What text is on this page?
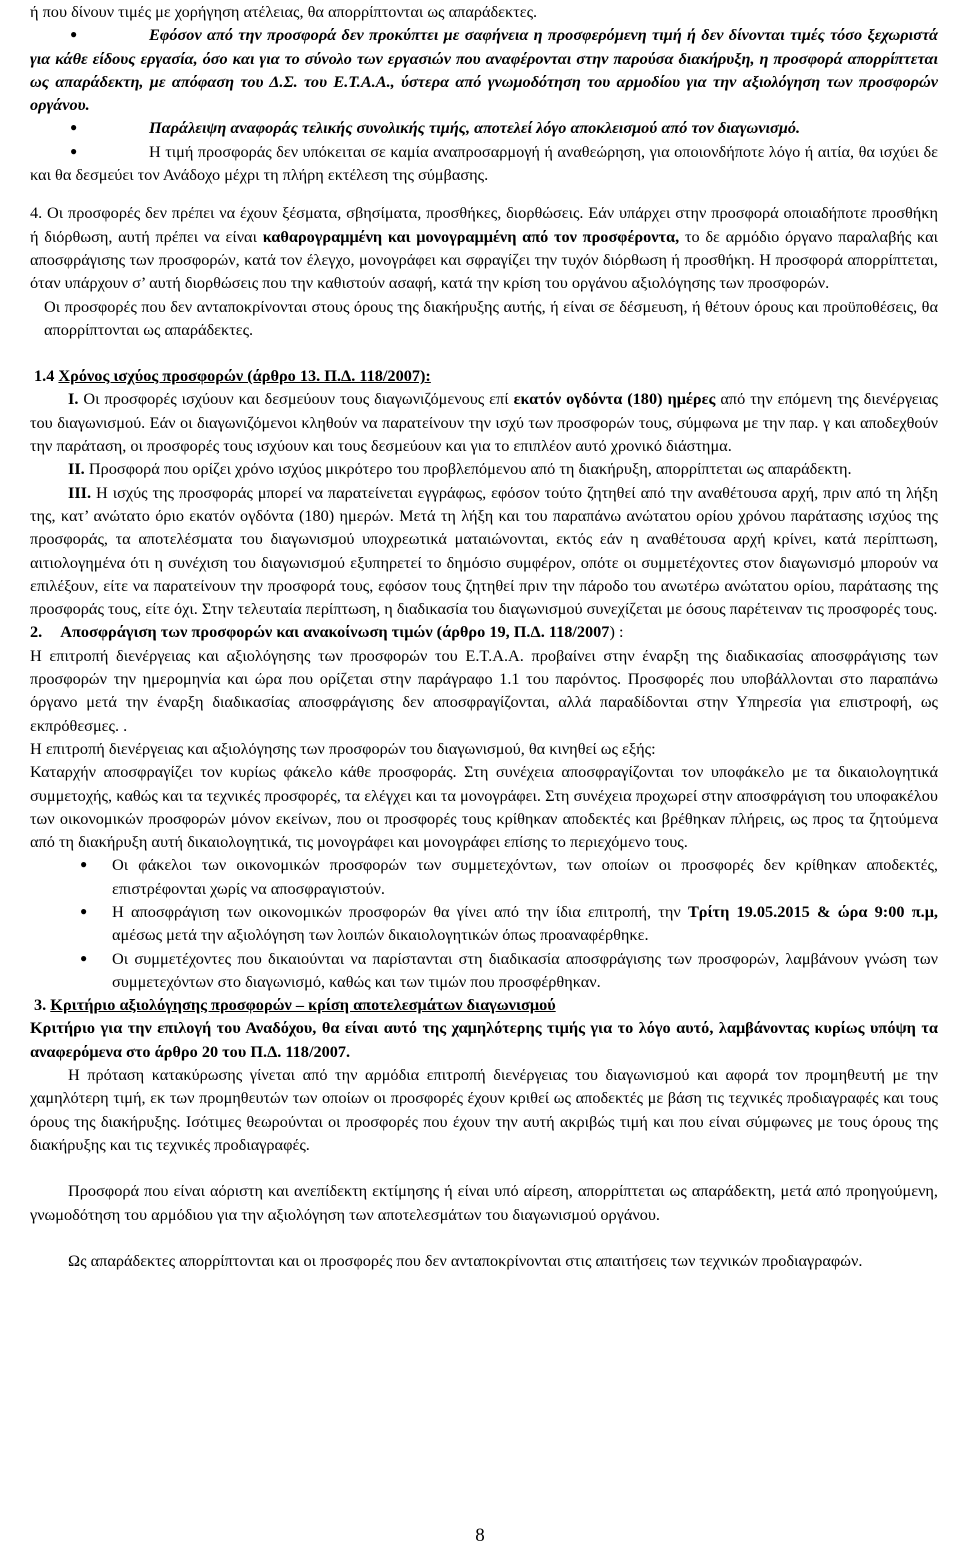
ή που δίνουν τιμές με χορήγηση ατέλειας, θα απορρίπτονται ως απαράδεκτες.

●	Εφόσον από την προσφορά δεν προκύπτει με σαφήνεια η προσφερόμενη τιμή ή δεν δίνονται τιμές τόσο ξεχωριστά για κάθε είδους εργασία, όσο και για το σύνολο των εργασιών που αναφέρονται στην παρούσα διακήρυξη, η προσφορά απορρίπτεται ως απαράδεκτη, με απόφαση του Δ.Σ. του Ε.Τ.Α.Α., ύστερα από γνωμοδότηση του αρμοδίου για την αξιολόγηση των προσφορών οργάνου.

●	Παράλειψη αναφοράς τελικής συνολικής τιμής, αποτελεί λόγο αποκλεισμού από τον διαγωνισμό.

●	Η τιμή προσφοράς δεν υπόκειται σε καμία αναπροσαρμογή ή αναθεώρηση, για οποιονδήποτε λόγο ή αιτία, θα ισχύει δε και θα δεσμεύει τον Ανάδοχο μέχρι τη πλήρη εκτέλεση της σύμβασης.

4. Οι προσφορές δεν πρέπει να έχουν ξέσματα, σβησίματα, προσθήκες, διορθώσεις. Εάν υπάρχει στην προσφορά οποιαδήποτε προσθήκη ή διόρθωση, αυτή πρέπει να είναι καθαρογραμμένη και μονογραμμένη από τον προσφέροντα, το δε αρμόδιο όργανο παραλαβής και αποσφράγισης των προσφορών, κατά τον έλεγχο, μονογράφει και σφραγίζει την τυχόν διόρθωση ή προσθήκη. Η προσφορά απορρίπτεται, όταν υπάρχουν σ’ αυτή διορθώσεις που την καθιστούν ασαφή, κατά την κρίση του οργάνου αξιολόγησης των προσφορών.

Οι προσφορές που δεν ανταποκρίνονται στους όρους της διακήρυξης αυτής, ή είναι σε δέσμευση, ή θέτουν όρους και προϋποθέσεις, θα απορρίπτονται ως απαράδεκτες.

1.4 Χρόνος ισχύος προσφορών (άρθρο 13. Π.Δ. 118/2007):

Ι. Οι προσφορές ισχύουν και δεσμεύουν τους διαγωνιζόμενους επί εκατόν ογδόντα (180) ημέρες από την επόμενη της διενέργειας του διαγωνισμού. Εάν οι διαγωνιζόμενοι κληθούν να παρατείνουν την ισχύ των προσφορών τους, σύμφωνα με την παρ. γ και αποδεχθούν την παράταση, οι προσφορές τους ισχύουν και τους δεσμεύουν και για το επιπλέον αυτό χρονικό διάστημα.

ΙΙ. Προσφορά που ορίζει χρόνο ισχύος μικρότερο του προβλεπόμενου από τη διακήρυξη, απορρίπτεται ως απαράδεκτη.

ΙΙΙ. Η ισχύς της προσφοράς μπορεί να παρατείνεται εγγράφως, εφόσον τούτο ζητηθεί από την αναθέτουσα αρχή, πριν από τη λήξη της, κατ’ ανώτατο όριο εκατόν ογδόντα (180) ημερών. Μετά τη λήξη και του παραπάνω ανώτατου ορίου χρόνου παράτασης ισχύος της προσφοράς, τα αποτελέσματα του διαγωνισμού υποχρεωτικά ματαιώνονται, εκτός εάν η αναθέτουσα αρχή κρίνει, κατά περίπτωση, αιτιολογημένα ότι η συνέχιση του διαγωνισμού εξυπηρετεί το δημόσιο συμφέρον, οπότε οι συμμετέχοντες στον διαγωνισμό μπορούν να επιλέξουν, είτε να παρατείνουν την προσφορά τους, εφόσον τους ζητηθεί πριν την πάροδο του ανωτέρω ανώτατου ορίου, παράτασης της προσφοράς τους, είτε όχι. Στην τελευταία περίπτωση, η διαδικασία του διαγωνισμού συνεχίζεται με όσους παρέτειναν τις προσφορές τους.

2. Αποσφράγιση των προσφορών και ανακοίνωση τιμών (άρθρο 19, Π.Δ. 118/2007) :

Η επιτροπή διενέργειας και αξιολόγησης των προσφορών του Ε.Τ.Α.Α. προβαίνει στην έναρξη της διαδικασίας αποσφράγισης των προσφορών την ημερομηνία και ώρα που ορίζεται στην παράγραφο 1.1 του παρόντος. Προσφορές που υποβάλλονται στο παραπάνω όργανο μετά την έναρξη διαδικασίας αποσφράγισης δεν αποσφραγίζονται, αλλά παραδίδονται στην Υπηρεσία για επιστροφή, ως εκπρόθεσμες. .

Η επιτροπή διενέργειας και αξιολόγησης των προσφορών του διαγωνισμού, θα κινηθεί ως εξής:

Καταρχήν αποσφραγίζει τον κυρίως φάκελο κάθε προσφοράς. Στη συνέχεια αποσφραγίζονται τον υποφάκελο με τα δικαιολογητικά συμμετοχής, καθώς και τα τεχνικές προσφορές, τα ελέγχει και τα μονογράφει. Στη συνέχεια προχωρεί στην αποσφράγιση του υποφακέλου των οικονομικών προσφορών μόνον εκείνων, που οι προσφορές τους κρίθηκαν αποδεκτές και βρέθηκαν πλήρεις, ως προς τα ζητούμενα από τη διακήρυξη αυτή δικαιολογητικά, τις μονογράφει και μονογράφει επίσης το περιεχόμενο τους.

● Οι φάκελοι των οικονομικών προσφορών των συμμετεχόντων, των οποίων οι προσφορές δεν κρίθηκαν αποδεκτές, επιστρέφονται χωρίς να αποσφραγιστούν.

● Η αποσφράγιση των οικονομικών προσφορών θα γίνει από την ίδια επιτροπή, την Τρίτη 19.05.2015 & ώρα 9:00 π.μ, αμέσως μετά την αξιολόγηση των λοιπών δικαιολογητικών όπως προαναφέρθηκε.

● Οι συμμετέχοντες που δικαιούνται να παρίστανται στη διαδικασία αποσφράγισης των προσφορών, λαμβάνουν γνώση των συμμετεχόντων στο διαγωνισμό, καθώς και των τιμών που προσφέρθηκαν.

3. Κριτήριο αξιολόγησης προσφορών – κρίση αποτελεσμάτων διαγωνισμού

Κριτήριο για την επιλογή του Αναδόχου, θα είναι αυτό της χαμηλότερης τιμής για το λόγο αυτό, λαμβάνοντας κυρίως υπόψη τα αναφερόμενα στο άρθρο 20 του Π.Δ. 118/2007.

Η πρόταση κατακύρωσης γίνεται από την αρμόδια επιτροπή διενέργειας του διαγωνισμού και αφορά τον προμηθευτή με την χαμηλότερη τιμή, εκ των προμηθευτών των οποίων οι προσφορές έχουν κριθεί ως αποδεκτές με βάση τις τεχνικές προδιαγραφές και τους όρους της διακήρυξης. Ισότιμες θεωρούνται οι προσφορές που έχουν την αυτή ακριβώς τιμή και που είναι σύμφωνες με τους όρους της διακήρυξης και τις τεχνικές προδιαγραφές.

Προσφορά που είναι αόριστη και ανεπίδεκτη εκτίμησης ή είναι υπό αίρεση, απορρίπτεται ως απαράδεκτη, μετά από προηγούμενη, γνωμοδότηση του αρμόδιου για την αξιολόγηση των αποτελεσμάτων του διαγωνισμού οργάνου.

Ως απαράδεκτες απορρίπτονται και οι προσφορές που δεν ανταποκρίνονται στις απαιτήσεις των τεχνικών προδιαγραφών.

8
